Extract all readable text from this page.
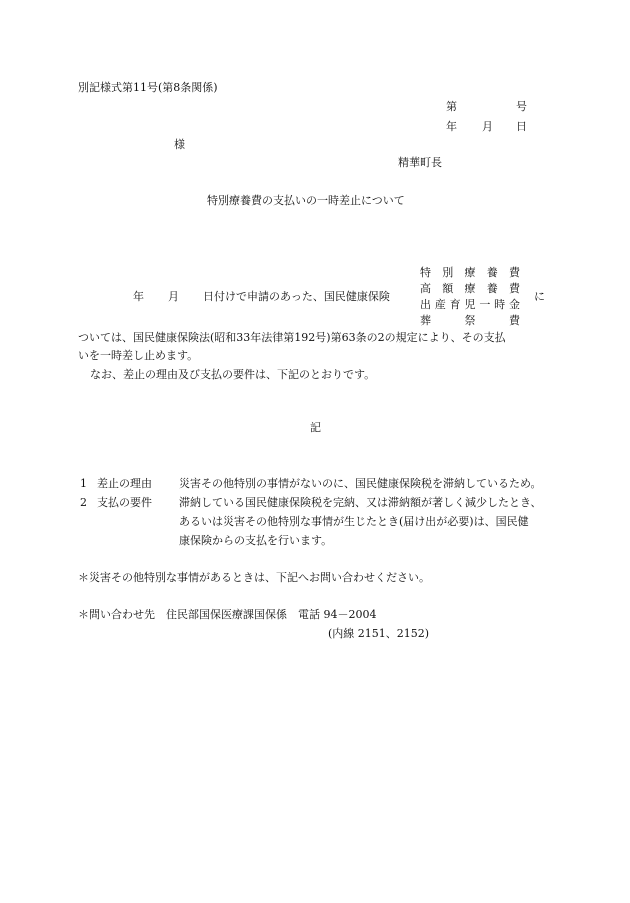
別記様式第11号(第8条関係)
第	号
年 月 日
様
精華町長
特別療養費の支払いの一時差止について
年 月 日付けで申請のあった、国民健康保険
特 別 療 養 費
高 額 療 養 費
出 産 育 児 一 時 金
葬	祭	費
に
ついては、国民健康保険法(昭和33年法律第192号)第63条の2の規定により、その支払
いを一時差し止めます。
なお、差止の理由及び支払の要件は、下記のとおりです。
記
1 差止の理由 災害その他特別の事情がないのに、国民健康保険税を滞納しているため。
2 支払の要件 滞納している国民健康保険税を完納、又は滞納額が著しく減少したとき、
あるいは災害その他特別な事情が生じたとき(届け出が必要)は、国民健
康保険からの支払を行います。
＊災害その他特別な事情があるときは、下記へお問い合わせください。
＊問い合わせ先　住民部国保医療課国保係　電話 94－2004
(内線 2151、2152)
